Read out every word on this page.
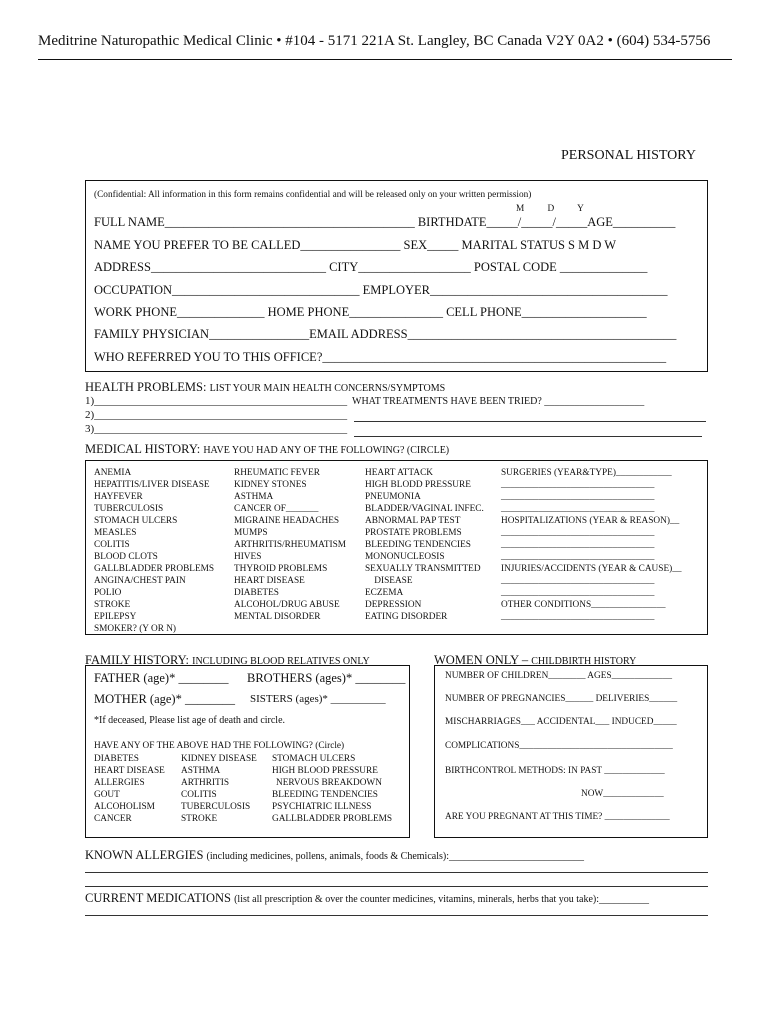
Meditrine Naturopathic Medical Clinic • #104 - 5171 221A St. Langley, BC Canada V2Y 0A2 • (604) 534-5756
PERSONAL HISTORY
(Confidential: All information in this form remains confidential and will be released only on your written permission)
M          D          Y
FULL NAME________________________________________ BIRTHDATE_____/_____/_____AGE__________
NAME YOU PREFER TO BE CALLED________________ SEX_____ MARITAL STATUS S M D W
ADDRESS____________________________ CITY__________________ POSTAL CODE ______________
OCCUPATION______________________________ EMPLOYER______________________________________
WORK PHONE______________ HOME PHONE_______________ CELL PHONE____________________
FAMILY PHYSICIAN________________EMAIL ADDRESS___________________________________________
WHO REFERRED YOU TO THIS OFFICE?_______________________________________________________
HEALTH PROBLEMS: LIST YOUR MAIN HEALTH CONCERNS/SYMPTOMS
1)______________________________________________ WHAT TREATMENTS HAVE BEEN TRIED? ____________________
2)______________________________________________
3)______________________________________________
MEDICAL HISTORY: HAVE YOU HAD ANY OF THE FOLLOWING? (CIRCLE)
ANEMIA
HEPATITIS/LIVER DISEASE
HAYFEVER
TUBERCULOSIS
STOMACH ULCERS
MEASLES
COLITIS
BLOOD CLOTS
GALLBLADDER PROBLEMS
ANGINA/CHEST PAIN
POLIO
STROKE
EPILEPSY
SMOKER? (Y OR N)
RHEUMATIC FEVER
KIDNEY STONES
ASTHMA
CANCER OF_______
MIGRAINE HEADACHES
MUMPS
ARTHRITIS/RHEUMATISM
HIVES
THYROID PROBLEMS
HEART DISEASE
DIABETES
ALCOHOL/DRUG ABUSE
MENTAL DISORDER
HEART ATTACK
HIGH BLODD PRESSURE
PNEUMONIA
BLADDER/VAGINAL INFEC.
ABNORMAL PAP TEST
PROSTATE PROBLEMS
BLEEDING TENDENCIES
MONONUCLEOSIS
SEXUALLY TRANSMITTED
DISEASE
ECZEMA
DEPRESSION
EATING DISORDER
SURGERIES (YEAR&TYPE)____________
_________________________________
_________________________________
_________________________________
HOSPITALIZATIONS (YEAR & REASON)__
_________________________________
_________________________________
_________________________________
INJURIES/ACCIDENTS (YEAR & CAUSE)__
_________________________________
_________________________________
OTHER CONDITIONS________________
_________________________________
FAMILY HISTORY: INCLUDING BLOOD RELATIVES ONLY
FATHER (age)* ________ BROTHERS (ages)* ________
MOTHER (age)* ________ SISTERS (ages)* __________
*If deceased, Please list age of death and circle.
HAVE ANY OF THE ABOVE HAD THE FOLLOWING? (Circle)
DIABETES
HEART DISEASE
ALLERGIES
GOUT
ALCOHOLISM
CANCER
KIDNEY DISEASE
ASTHMA
ARTHRITIS
COLITIS
TUBERCULOSIS
STROKE
STOMACH ULCERS
HIGH BLOOD PRESSURE
NERVOUS BREAKDOWN
BLEEDING TENDENCIES
PSYCHIATRIC ILLNESS
GALLBLADDER PROBLEMS
WOMEN ONLY – CHILDBIRTH HISTORY
NUMBER OF CHILDREN________ AGES_____________
NUMBER OF PREGNANCIES______ DELIVERIES______
MISCHARRIAGES___ ACCIDENTAL___ INDUCED_____
COMPLICATIONS_________________________________
BIRTHCONTROL METHODS: IN PAST _____________
NOW_____________
ARE YOU PREGNANT AT THIS TIME? ______________
KNOWN ALLERGIES (including medicines, pollens, animals, foods & Chemicals):___________________________
CURRENT MEDICATIONS (list all prescription & over the counter medicines, vitamins, minerals, herbs that you take):__________
